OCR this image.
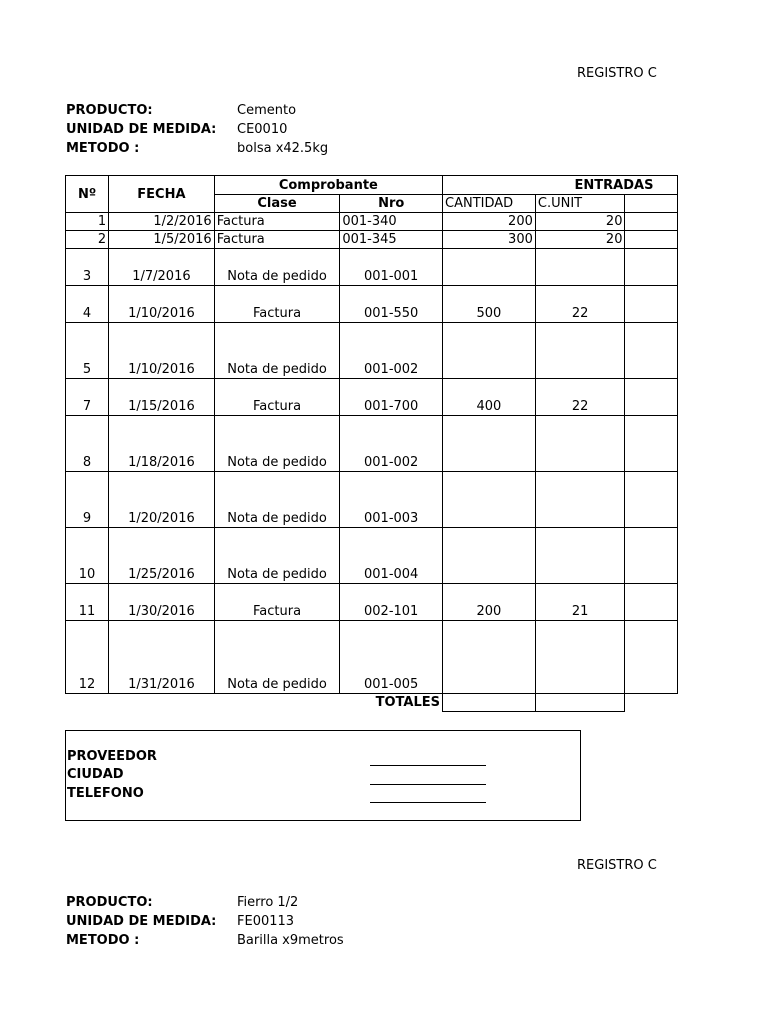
REGISTRO C
PRODUCTO:	Cemento
UNIDAD DE MEDIDA: CE0010
METODO :	bolsa x42.5kg
Nº	FECHA	Comprobante		ENTRADAS		
		Clase	Nro	CANTIDAD	C.UNIT	
1	1/2/2016	Factura	001-340	200	20	
2	1/5/2016	Factura	001-345	300	20	
3	1/7/2016	Nota de pedido	001-001			
4	1/10/2016	Factura	001-550	500	22	
5	1/10/2016	Nota de pedido	001-002			
7	1/15/2016	Factura	001-700	400	22	
8	1/18/2016	Nota de pedido	001-002			
9	1/20/2016	Nota de pedido	001-003			
10	1/25/2016	Nota de pedido	001-004			
11	1/30/2016	Factura	002-101	200	21	
12	1/31/2016	Nota de pedido	001-005			
			TOTALES			
PROVEEDOR
CIUDAD
TELEFONO
REGISTRO C
PRODUCTO:	Fierro 1/2
UNIDAD DE MEDIDA: FE00113
METODO :	Barilla x9metros
